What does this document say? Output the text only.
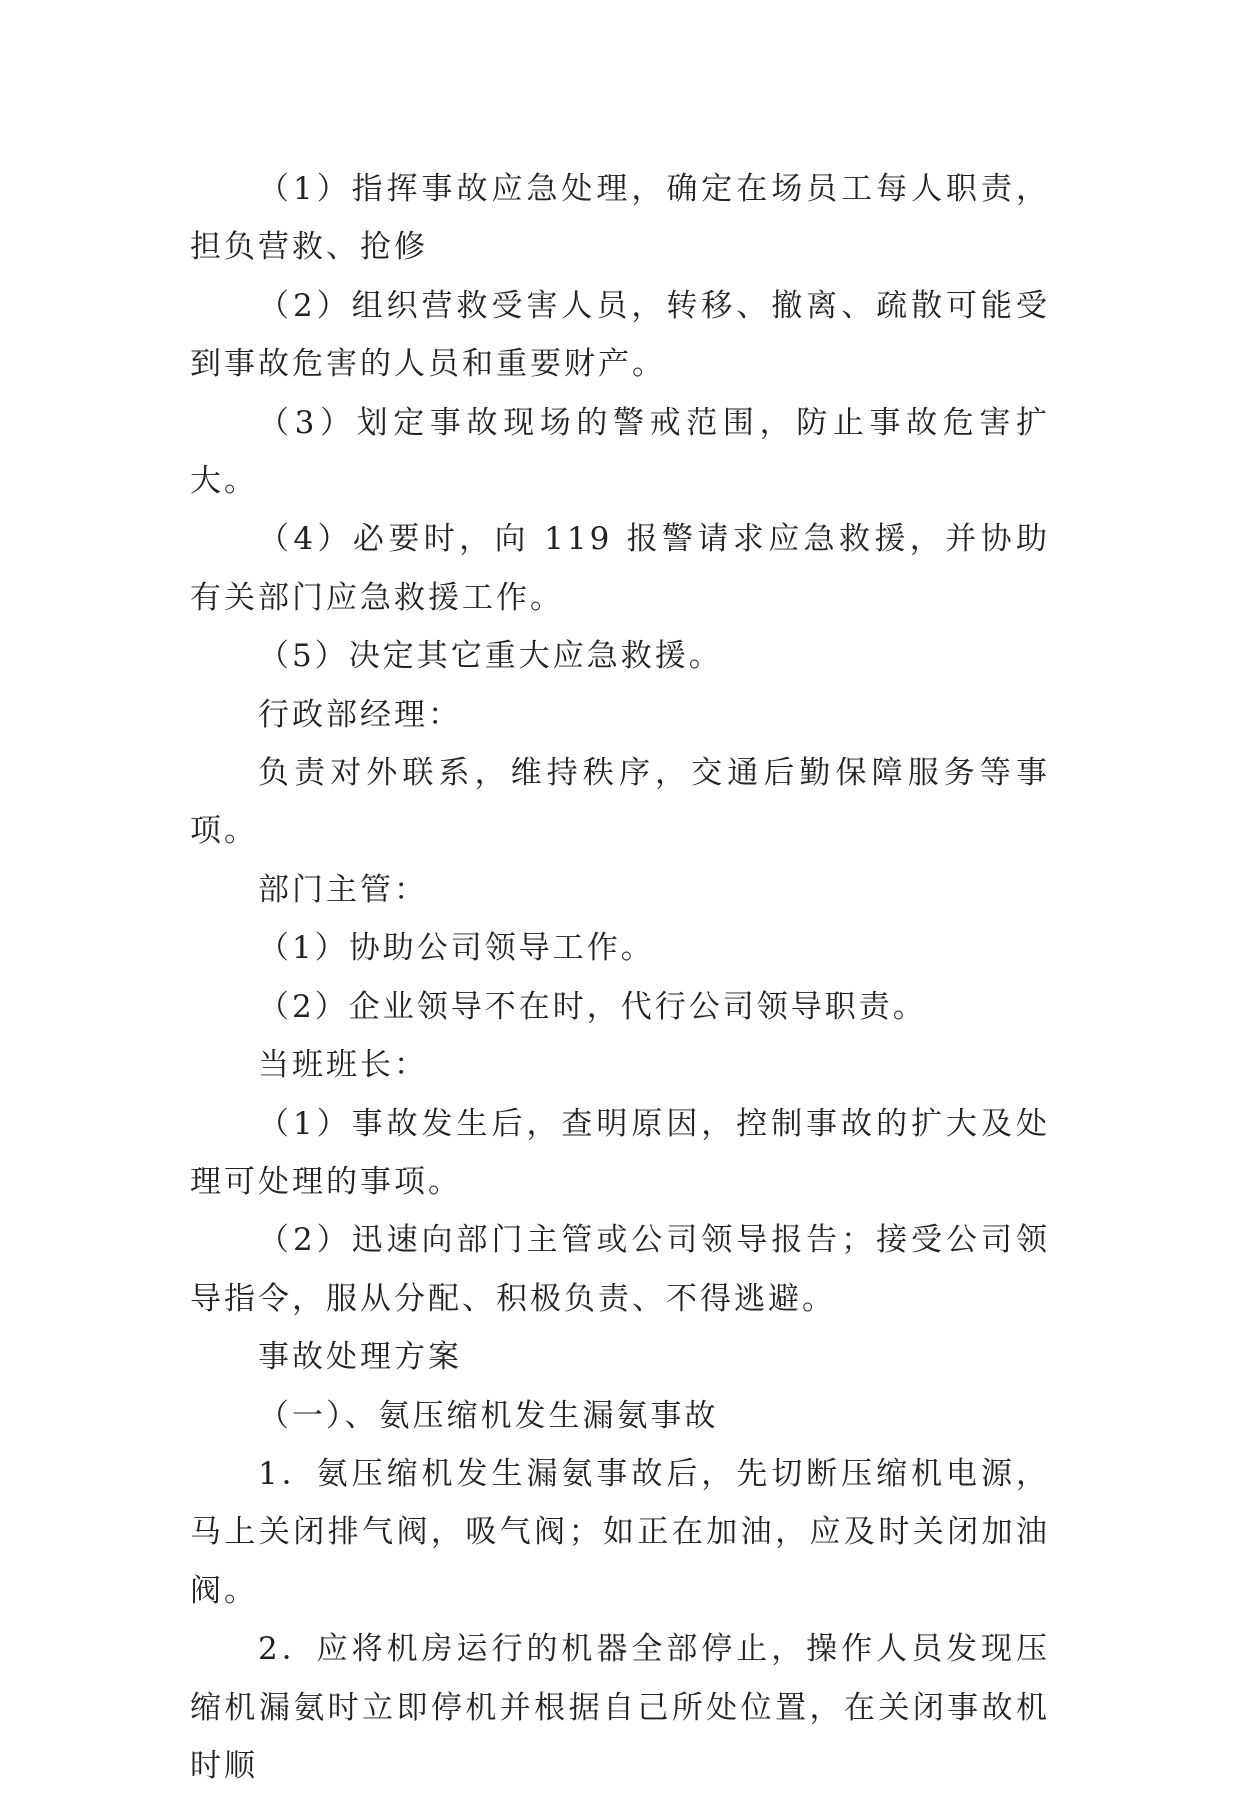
（1）指挥事故应急处理，确定在场员工每人职责，担负营救、抢修

（2）组织营救受害人员，转移、撤离、疏散可能受到事故危害的人员和重要财产。

（3）划定事故现场的警戒范围，防止事故危害扩大。

（4）必要时，向 119 报警请求应急救援，并协助有关部门应急救援工作。

（5）决定其它重大应急救援。

行政部经理：

负责对外联系，维持秩序，交通后勤保障服务等事项。

部门主管：

（1）协助公司领导工作。

（2）企业领导不在时，代行公司领导职责。

当班班长：

（1）事故发生后，查明原因，控制事故的扩大及处理可处理的事项。

（2）迅速向部门主管或公司领导报告；接受公司领导指令，服从分配、积极负责、不得逃避。

事故处理方案

（一）、氨压缩机发生漏氨事故

1．氨压缩机发生漏氨事故后，先切断压缩机电源，马上关闭排气阀，吸气阀；如正在加油，应及时关闭加油阀。

2．应将机房运行的机器全部停止，操作人员发现压缩机漏氨时立即停机并根据自己所处位置，在关闭事故机时顺
